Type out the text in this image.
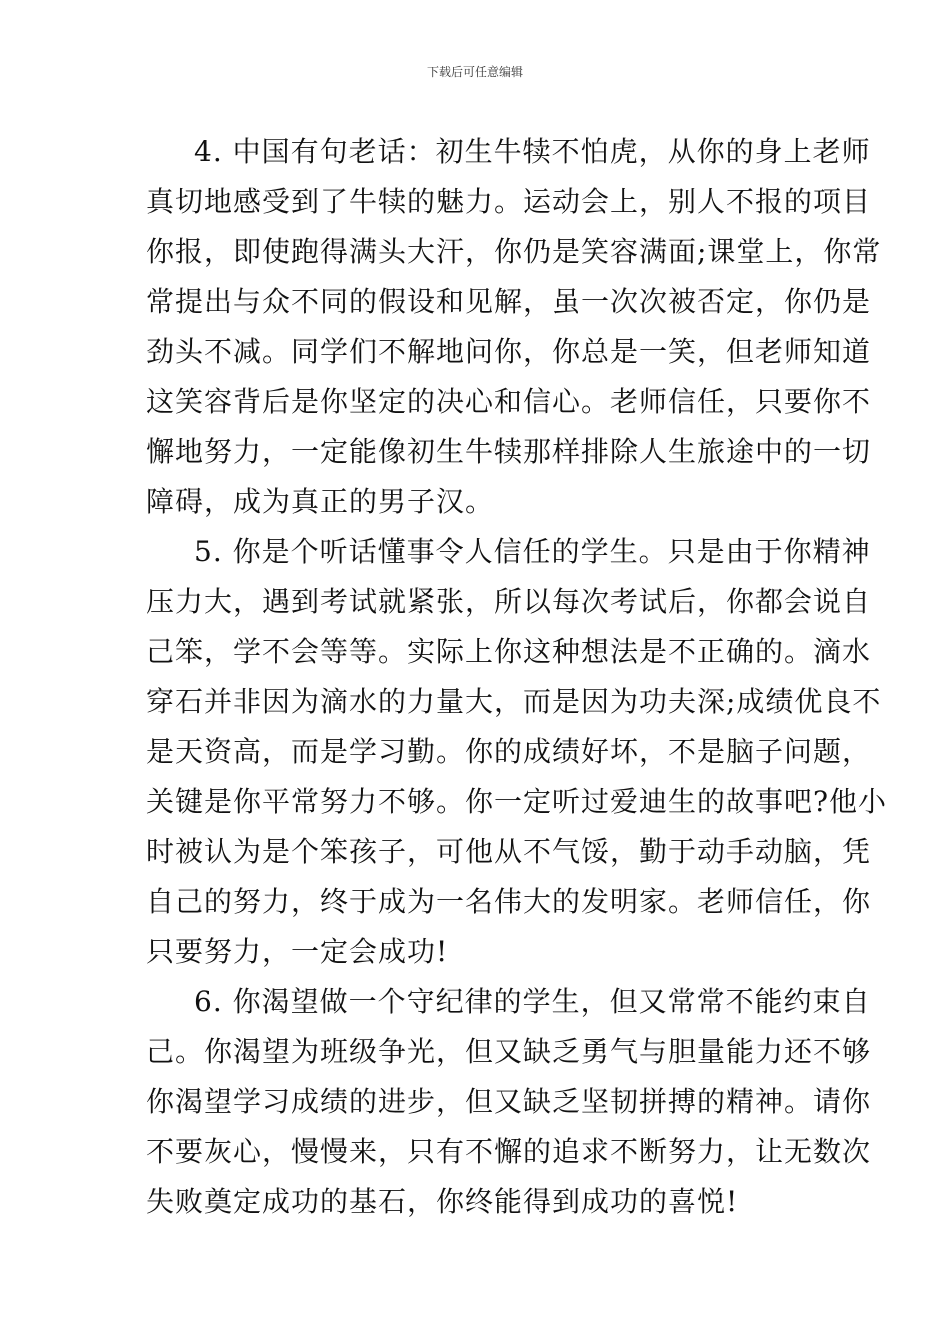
下载后可任意编辑
4. 中国有句老话：初生牛犊不怕虎，从你的身上老师
真切地感受到了牛犊的魅力。运动会上，别人不报的项目
你报，即使跑得满头大汗，你仍是笑容满面;课堂上，你常
常提出与众不同的假设和见解，虽一次次被否定，你仍是
劲头不减。同学们不解地问你，你总是一笑，但老师知道
这笑容背后是你坚定的决心和信心。老师信任，只要你不
懈地努力，一定能像初生牛犊那样排除人生旅途中的一切
障碍，成为真正的男子汉。
5. 你是个听话懂事令人信任的学生。只是由于你精神
压力大，遇到考试就紧张，所以每次考试后，你都会说自
己笨，学不会等等。实际上你这种想法是不正确的。滴水
穿石并非因为滴水的力量大，而是因为功夫深;成绩优良不
是天资高，而是学习勤。你的成绩好坏，不是脑子问题，
关键是你平常努力不够。你一定听过爱迪生的故事吧?他小
时被认为是个笨孩子，可他从不气馁，勤于动手动脑，凭
自己的努力，终于成为一名伟大的发明家。老师信任，你
只要努力，一定会成功!
6. 你渴望做一个守纪律的学生，但又常常不能约束自
己。你渴望为班级争光，但又缺乏勇气与胆量能力还不够
你渴望学习成绩的进步，但又缺乏坚韧拼搏的精神。请你
不要灰心，慢慢来，只有不懈的追求不断努力，让无数次
失败奠定成功的基石，你终能得到成功的喜悦!
